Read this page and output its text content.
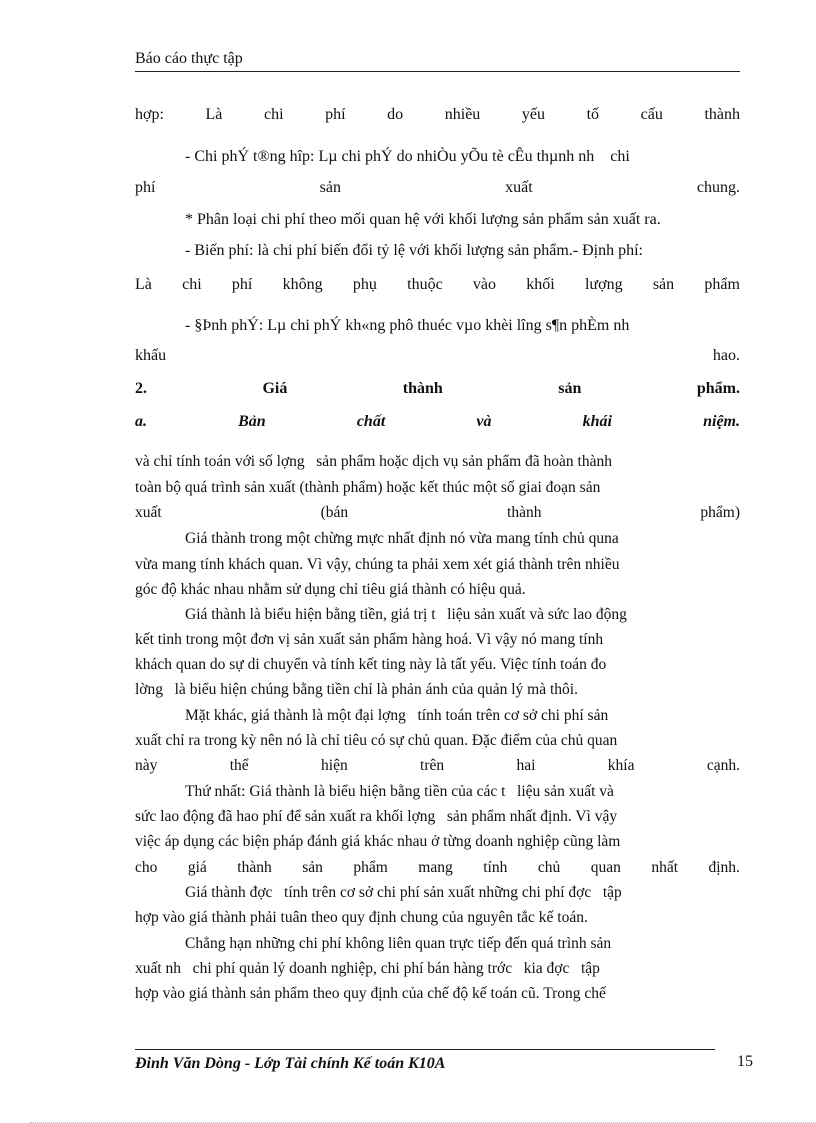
Báo cáo thực tập
hợp:	Là	chi	phí	do	nhiều	yếu	tố	cấu	thành
- Chi phÝ t®ng hîp: Lµ chi phÝ do nhiÒu yÕu tè cÊu thµnh nh    chi
phí	sản	xuất	chung.
* Phân loại chi phí theo mối quan hệ với khối lượng sản phẩm sản xuất ra.
- Biến phí: là chi phí biến đổi tỷ lệ với khối lượng sản phẩm.- Định phí:
Là chi phí không phụ thuộc vào khối lượng sản phẩm
- §Þnh phÝ: Lµ chi phÝ kh«ng phô thuéc vµo khèi lîng s¶n phÈm nh
khấu	hao.
2.	Giá	thành	sản	phẩm.
a.	Bản	chất	và	khái	niệm.
và chỉ tính toán với số lợng   sản phẩm hoặc dịch vụ sản phẩm đã hoàn thành
toàn bộ quá trình sản xuất (thành phẩm) hoặc kết thúc một số giai đoạn sản
xuất	(bán	thành	phẩm)
Giá thành trong một chừng mực nhất định nó vừa mang tính chủ quna
vừa mang tính khách quan. Vì vậy, chúng ta phải xem xét giá thành trên nhiều
góc độ khác nhau nhằm sử dụng chỉ tiêu giá thành có hiệu quả.
Giá thành là biểu hiện bằng tiền, giá trị t   liệu sản xuất và sức lao động
kết tinh trong một đơn vị sản xuất sản phẩm hàng hoá. Vì vậy nó mang tính
khách quan do sự di chuyển và tính kết ting này là tất yếu. Việc tính toán đo
lờng   là biểu hiện chúng bằng tiền chỉ là phản ánh của quản lý mà thôi.
Mặt khác, giá thành là một đại lợng   tính toán trên cơ sở chi phí sản
xuất chỉ ra trong kỳ nên nó là chỉ tiêu có sự chủ quan. Đặc điểm của chủ quan
này	thể	hiện	trên	hai	khía	cạnh.
Thứ nhất: Giá thành là biểu hiện bằng tiền của các t   liệu sản xuất và
sức lao động đã hao phí để sản xuất ra khối lợng   sản phẩm nhất định. Vì vậy
việc áp dụng các biện pháp đánh giá khác nhau ở từng doanh nghiệp cũng làm
cho giá thành sản phẩm mang tính chủ quan nhất định.
Giá thành đợc   tính trên cơ sở chi phí sản xuất những chi phí đợc   tập
hợp vào giá thành phải tuân theo quy định chung của nguyên tắc kế toán.
Chẳng hạn những chi phí không liên quan trực tiếp đến quá trình sản
xuất nh   chi phí quản lý doanh nghiệp, chi phí bán hàng trớc   kia đợc   tập
hợp vào giá thành sản phẩm theo quy định của chế độ kế toán cũ. Trong chế
Đinh Văn Dòng - Lớp Tài chính Kế toán K10A	15
